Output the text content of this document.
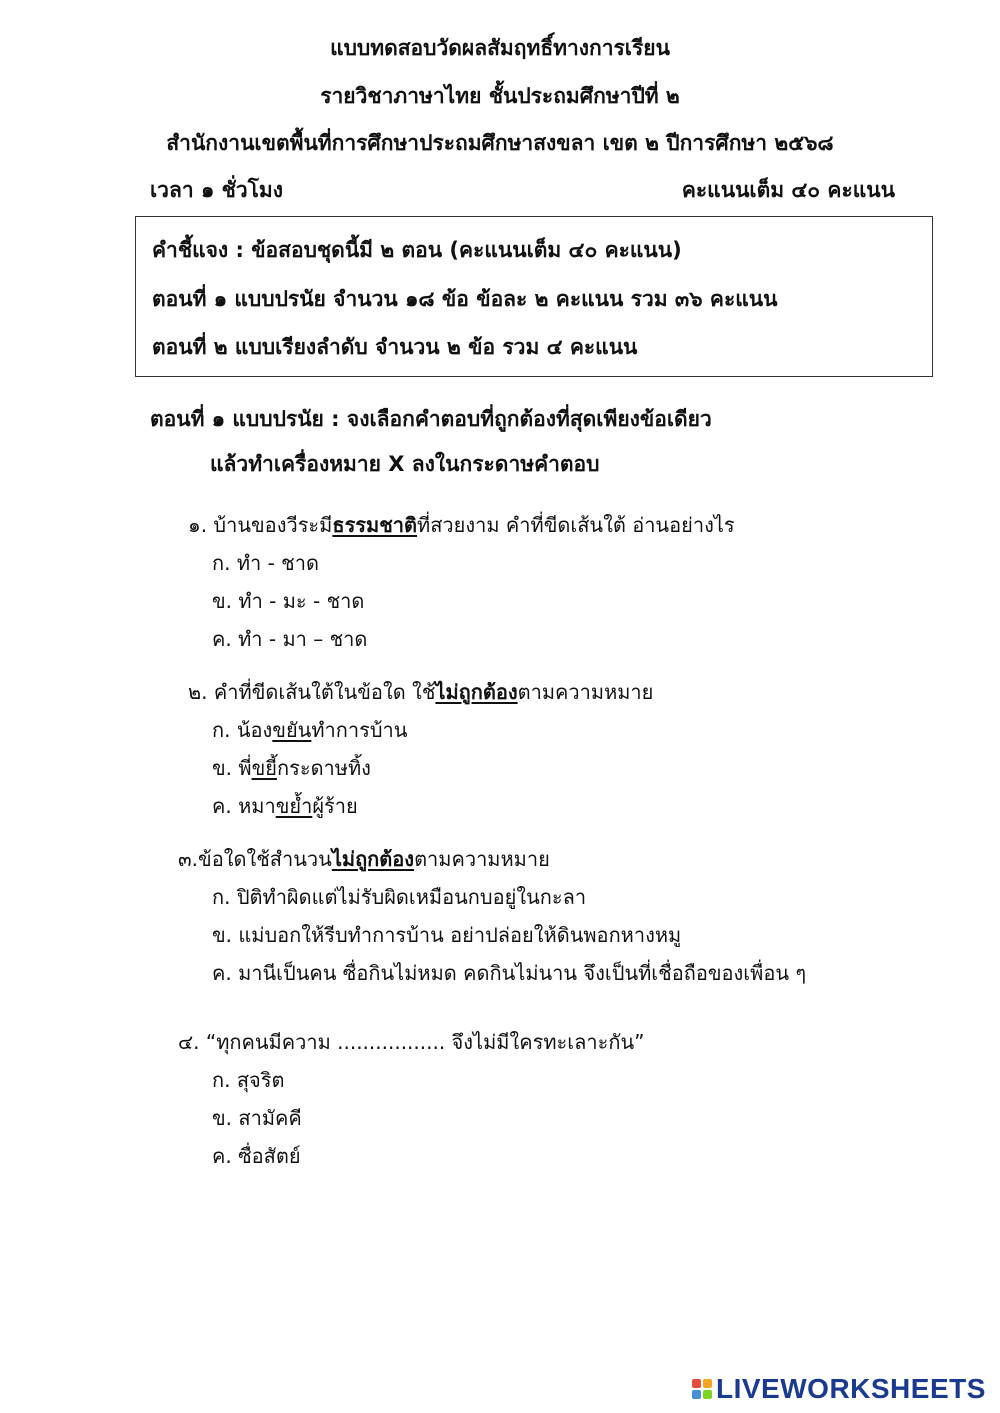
แบบทดสอบวัดผลสัมฤทธิ์ทางการเรียน
รายวิชาภาษาไทย ชั้นประถมศึกษาปีที่ ๒
สำนักงานเขตพื้นที่การศึกษาประถมศึกษาสงขลา เขต ๒ ปีการศึกษา ๒๕๖๘
เวลา ๑ ชั่วโมง	คะแนนเต็ม ๔๐ คะแนน
คำชี้แจง : ข้อสอบชุดนี้มี ๒ ตอน (คะแนนเต็ม ๔๐ คะแนน)
ตอนที่ ๑ แบบปรนัย จำนวน ๑๘ ข้อ ข้อละ ๒ คะแนน รวม ๓๖ คะแนน
ตอนที่ ๒ แบบเรียงลำดับ จำนวน ๒ ข้อ รวม ๔ คะแนน
ตอนที่ ๑ แบบปรนัย : จงเลือกคำตอบที่ถูกต้องที่สุดเพียงข้อเดียว
แล้วทำเครื่องหมาย X ลงในกระดาษคำตอบ
๑. บ้านของวีระมีธรรมชาติที่สวยงาม คำที่ขีดเส้นใต้ อ่านอย่างไร
ก. ทำ - ชาด
ข. ทำ - มะ - ชาด
ค. ทำ - มา – ชาด
๒. คำที่ขีดเส้นใต้ในข้อใด ใช้ไม่ถูกต้องตามความหมาย
ก. น้องขยันทำการบ้าน
ข. พี่ขยี้กระดาษทิ้ง
ค. หมาขย้ำผู้ร้าย
๓.ข้อใดใช้สำนวนไม่ถูกต้องตามความหมาย
ก. ปิติทำผิดแต่ไม่รับผิดเหมือนกบอยู่ในกะลา
ข. แม่บอกให้รีบทำการบ้าน อย่าปล่อยให้ดินพอกหางหมู
ค. มานีเป็นคน ซื่อกินไม่หมด คดกินไม่นาน จึงเป็นที่เชื่อถือของเพื่อน ๆ
๔. “ทุกคนมีความ ................. จึงไม่มีใครทะเลาะกัน”
ก. สุจริต
ข. สามัคคี
ค. ซื่อสัตย์
LIVEWORKSHEETS
